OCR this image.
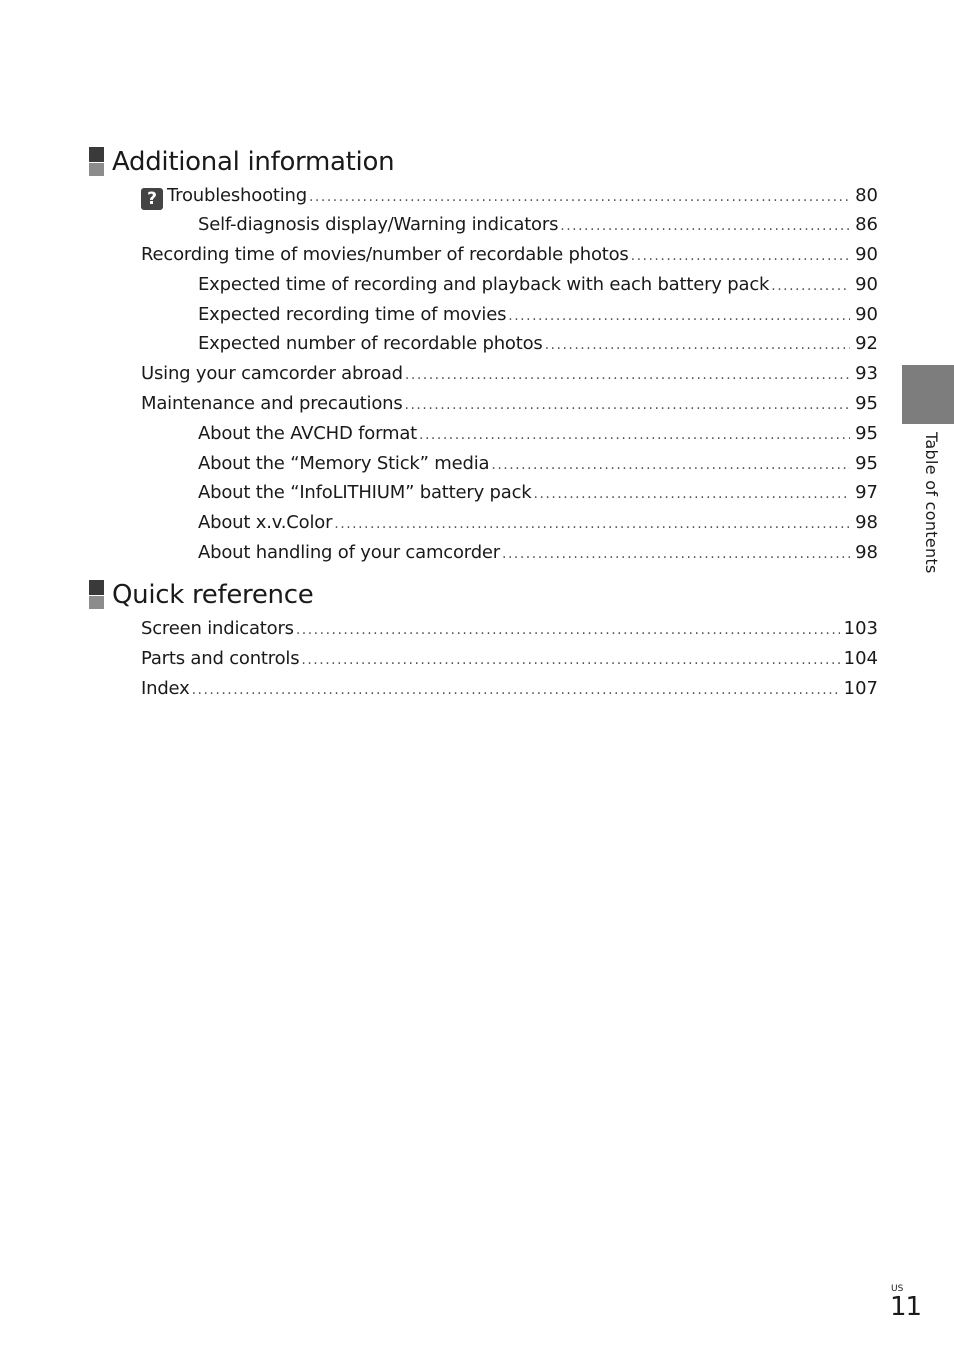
Additional information
? Troubleshooting .....	80
Self-diagnosis display/Warning indicators .....	86
Recording time of movies/number of recordable photos .....	90
Expected time of recording and playback with each battery pack .....	90
Expected recording time of movies .....	90
Expected number of recordable photos .....	92
Using your camcorder abroad .....	93
Maintenance and precautions .....	95
About the AVCHD format .....	95
About the “Memory Stick” media .....	95
About the “InfoLITHIUM” battery pack .....	97
About x.v.Color .....	98
About handling of your camcorder .....	98
Quick reference
Screen indicators .....	103
Parts and controls .....	104
Index .....	107
Table of contents
US
11
